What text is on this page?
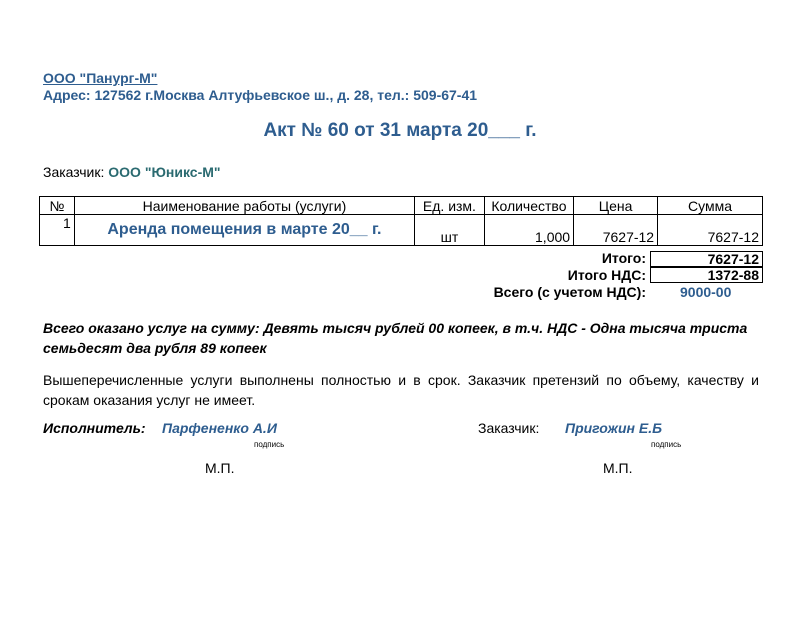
ООО "Панург-М"
Адрес: 127562 г.Москва Алтуфьевское ш., д. 28, тел.: 509-67-41
Акт № 60 от 31 марта 20___ г.
Заказчик: ООО "Юникс-М"
№	Наименование работы (услуги)	Ед. изм.	Количество	Цена	Сумма
1	Аренда помещения в марте 20__ г.	шт	1,000	7627-12	7627-12
Итого:	7627-12
Итого НДС:	1372-88
Всего (с учетом НДС): 9000-00
Всего оказано услуг на сумму: Девять тысяч рублей 00 копеек, в т.ч. НДС - Одна тысяча триста семьдесят два рубля 89 копеек
Вышеперечисленные услуги выполнены полностью и в срок. Заказчик претензий по объему, качеству и срокам оказания услуг не имеет.
Исполнитель: Парфененко А.И
подпись
М.П.
Заказчик: Пригожин Е.Б
подпись
М.П.
